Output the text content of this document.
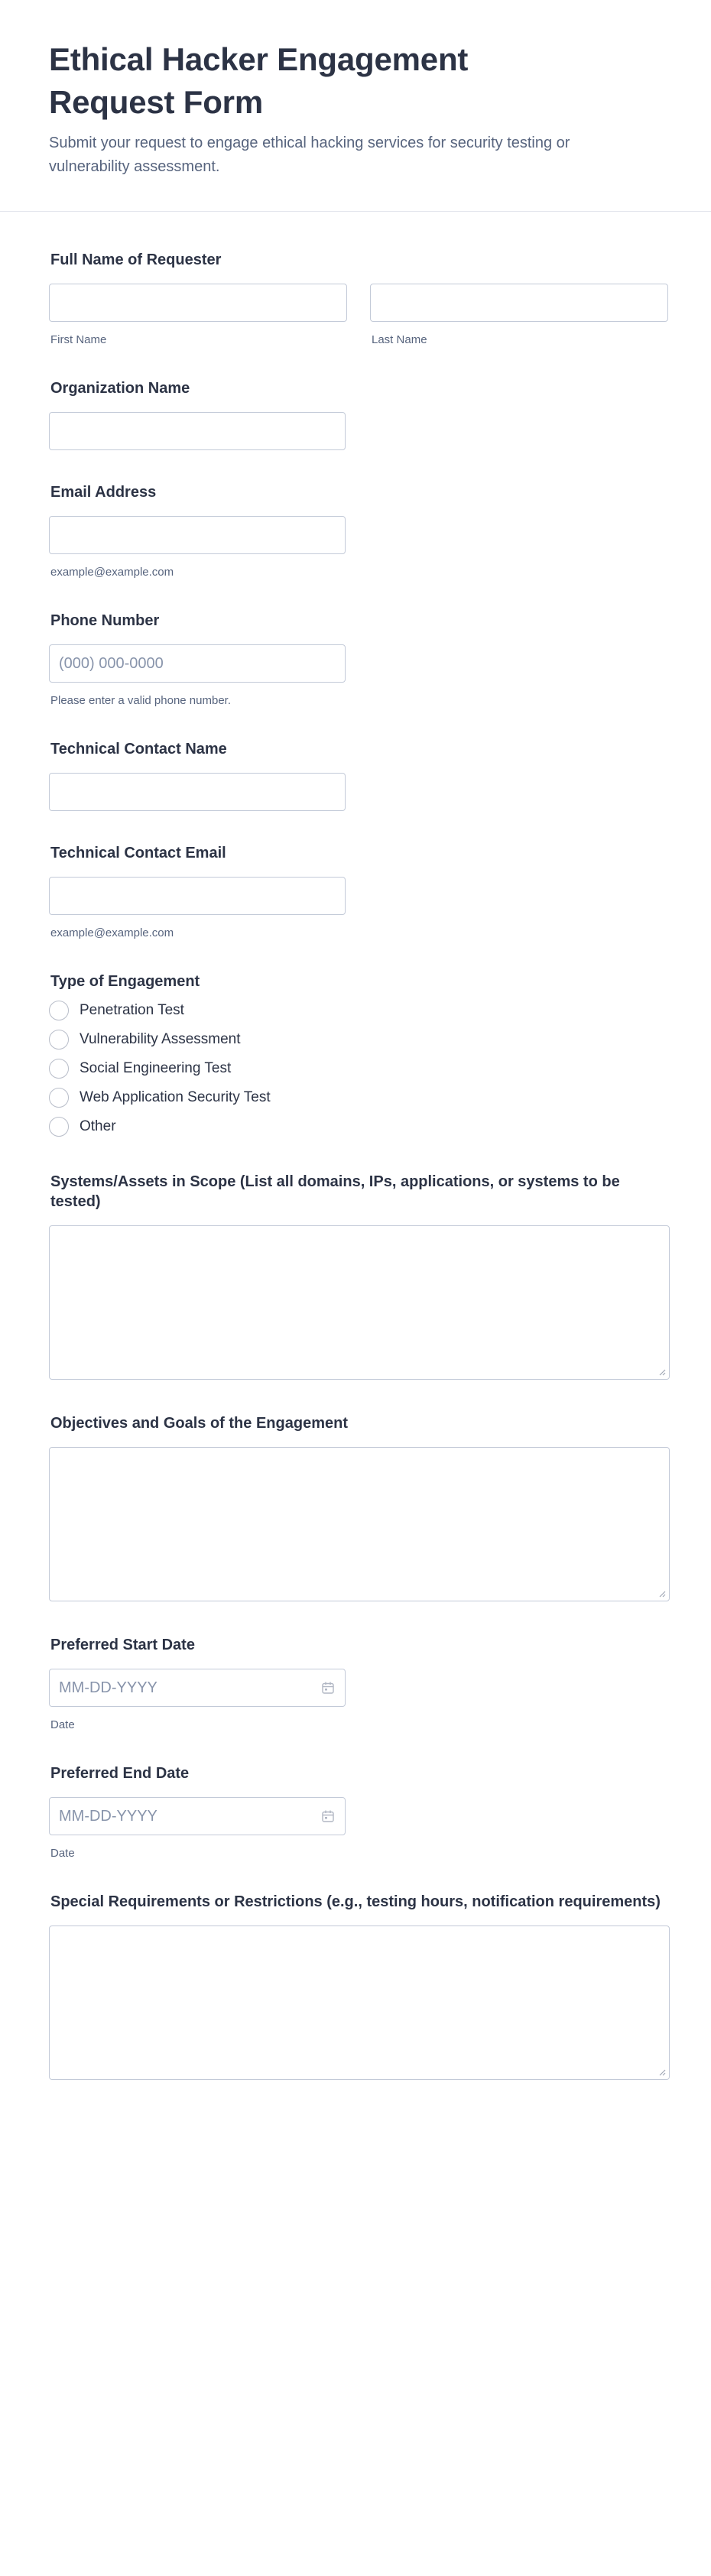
Ethical Hacker Engagement Request Form
Submit your request to engage ethical hacking services for security testing or vulnerability assessment.
Full Name of Requester
First Name	Last Name
Organization Name
Email Address
example@example.com
Phone Number
(000) 000-0000
Please enter a valid phone number.
Technical Contact Name
Technical Contact Email
example@example.com
Type of Engagement
Penetration Test
Vulnerability Assessment
Social Engineering Test
Web Application Security Test
Other
Systems/Assets in Scope (List all domains, IPs, applications, or systems to be tested)
Objectives and Goals of the Engagement
Preferred Start Date
MM-DD-YYYY
Date
Preferred End Date
MM-DD-YYYY
Date
Special Requirements or Restrictions (e.g., testing hours, notification requirements)
